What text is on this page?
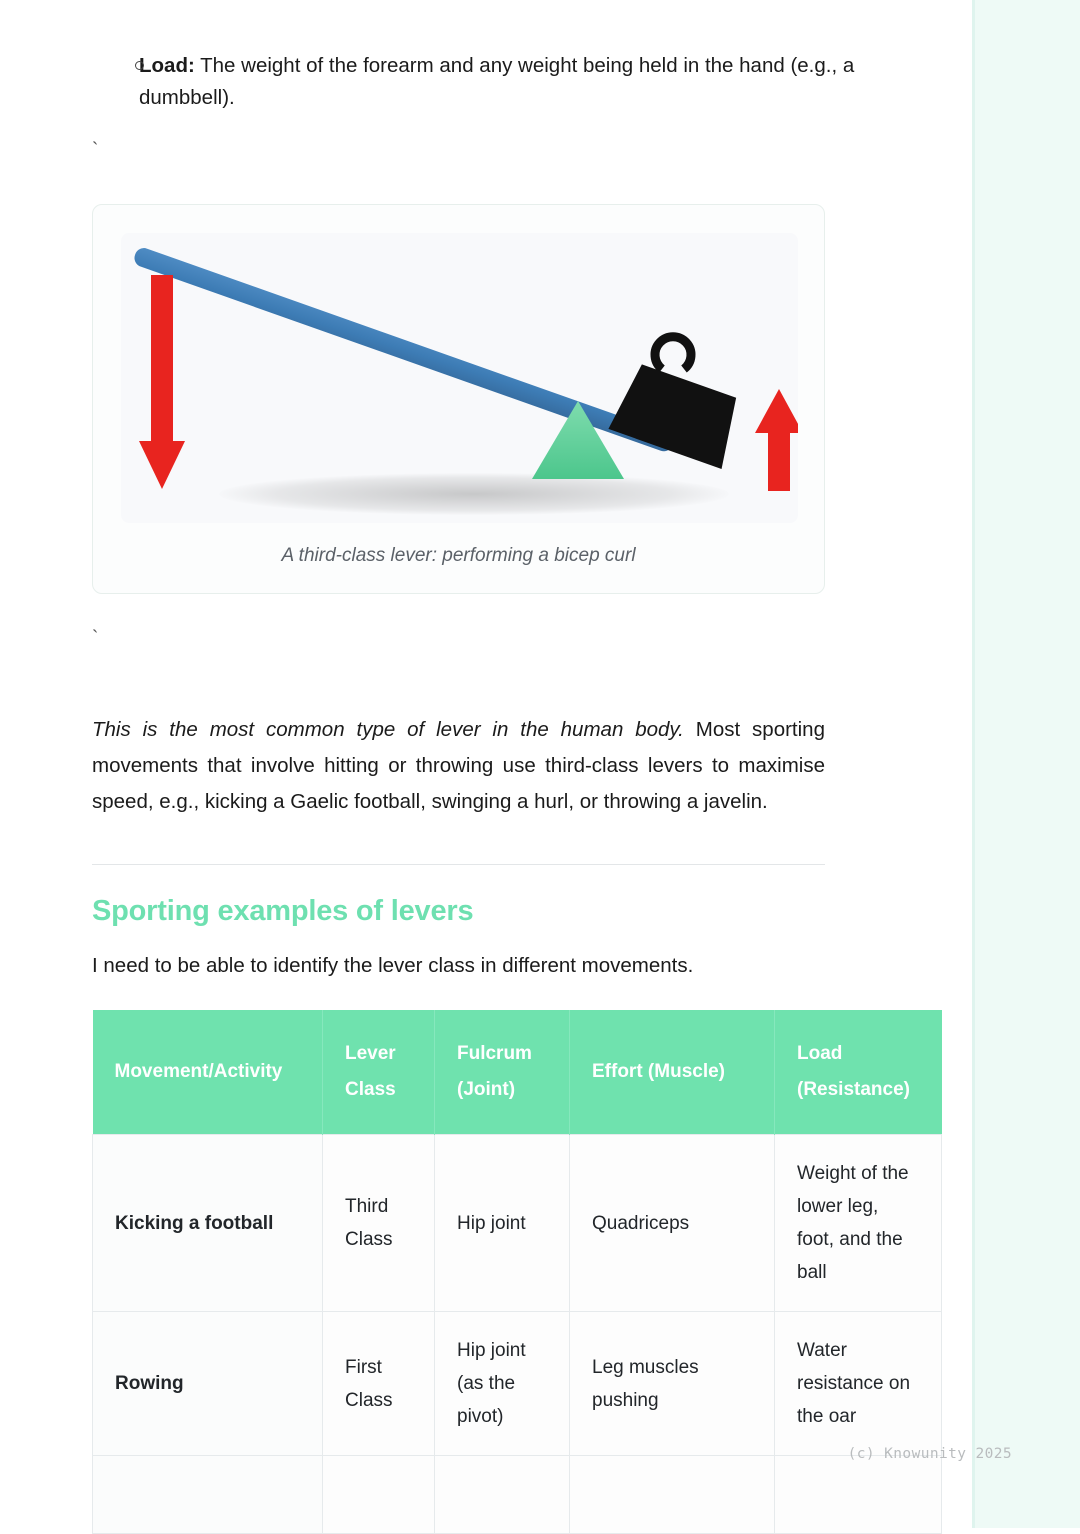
Load: The weight of the forearm and any weight being held in the hand (e.g., a dumbbell).
`
A third-class lever: performing a bicep curl
`
This is the most common type of lever in the human body. Most sporting movements that involve hitting or throwing use third-class levers to maximise speed, e.g., kicking a Gaelic football, swinging a hurl, or throwing a javelin.
Sporting examples of levers
I need to be able to identify the lever class in different movements.
Movement/Activity	Lever Class	Fulcrum (Joint)	Effort (Muscle)	Load (Resistance)
Kicking a football	Third Class	Hip joint	Quadriceps	Weight of the lower leg, foot, and the ball
Rowing	First Class	Hip joint (as the pivot)	Leg muscles pushing	Water resistance on the oar

(c) Knowunity 2025
